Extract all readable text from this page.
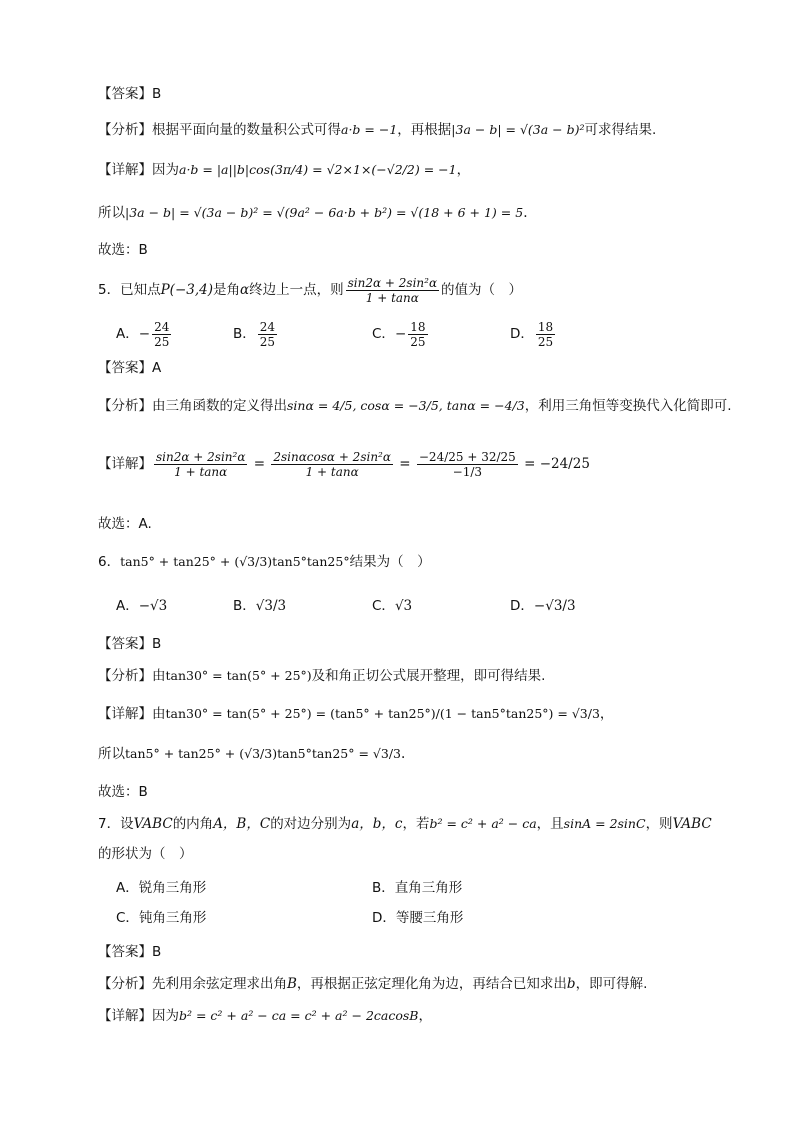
【答案】B
【分析】根据平面向量的数量积公式可得a·b = −1，再根据|3a − b| = √(3a − b)²可求得结果.
【详解】因为a·b = |a||b|cos(3π/4) = √2×1×(−√2/2) = −1，
所以|3a − b| = √(3a − b)² = √(9a² − 6a·b + b²) = √(18 + 6 + 1) = 5.
故选：B
5．已知点P(−3,4)是角α终边上一点，则 $\frac{\text{sin2α + 2sin²α}}{1 + \tan\alpha}$ 的值为（　）
A．− $\frac{24}{25}$	B． $\frac{24}{25}$	C．− $\frac{18}{25}$	D． $\frac{18}{25}$
【答案】A
【分析】由三角函数的定义得出sinα = 4/5, cosα = −3/5, tanα = −4/3，利用三角恒等变换代入化简即可.
【详解】 $\frac{\text{sin2α + 2sin²α}}{1 + \tan\alpha} = \frac{\text{2sinαcosα + 2sin²α}}{1 + \tan\alpha} = \frac{-24/25 + 32/25}{-1/3} = -24/25$
故选：A.
6．tan5° + tan25° + (√3/3)tan5°tan25°结果为（　）
A．−√3	B．√3/3	C．√3	D．−√3/3
【答案】B
【分析】由tan30° = tan(5° + 25°)及和角正切公式展开整理，即可得结果.
【详解】由tan30° = tan(5° + 25°) = (tan5° + tan25°)/(1 − tan5°tan25°) = √3/3，
所以tan5° + tan25° + (√3/3)tan5°tan25° = √3/3.
故选：B
7．设VABC的内角A，B，C的对边分别为a，b，c，若b² = c² + a² − ca，且sinA = 2sinC，则VABC
的形状为（　）
A．锐角三角形	B．直角三角形
C．钝角三角形	D．等腰三角形
【答案】B
【分析】先利用余弦定理求出角B，再根据正弦定理化角为边，再结合已知求出b，即可得解.
【详解】因为b² = c² + a² − ca = c² + a² − 2cacosB，
